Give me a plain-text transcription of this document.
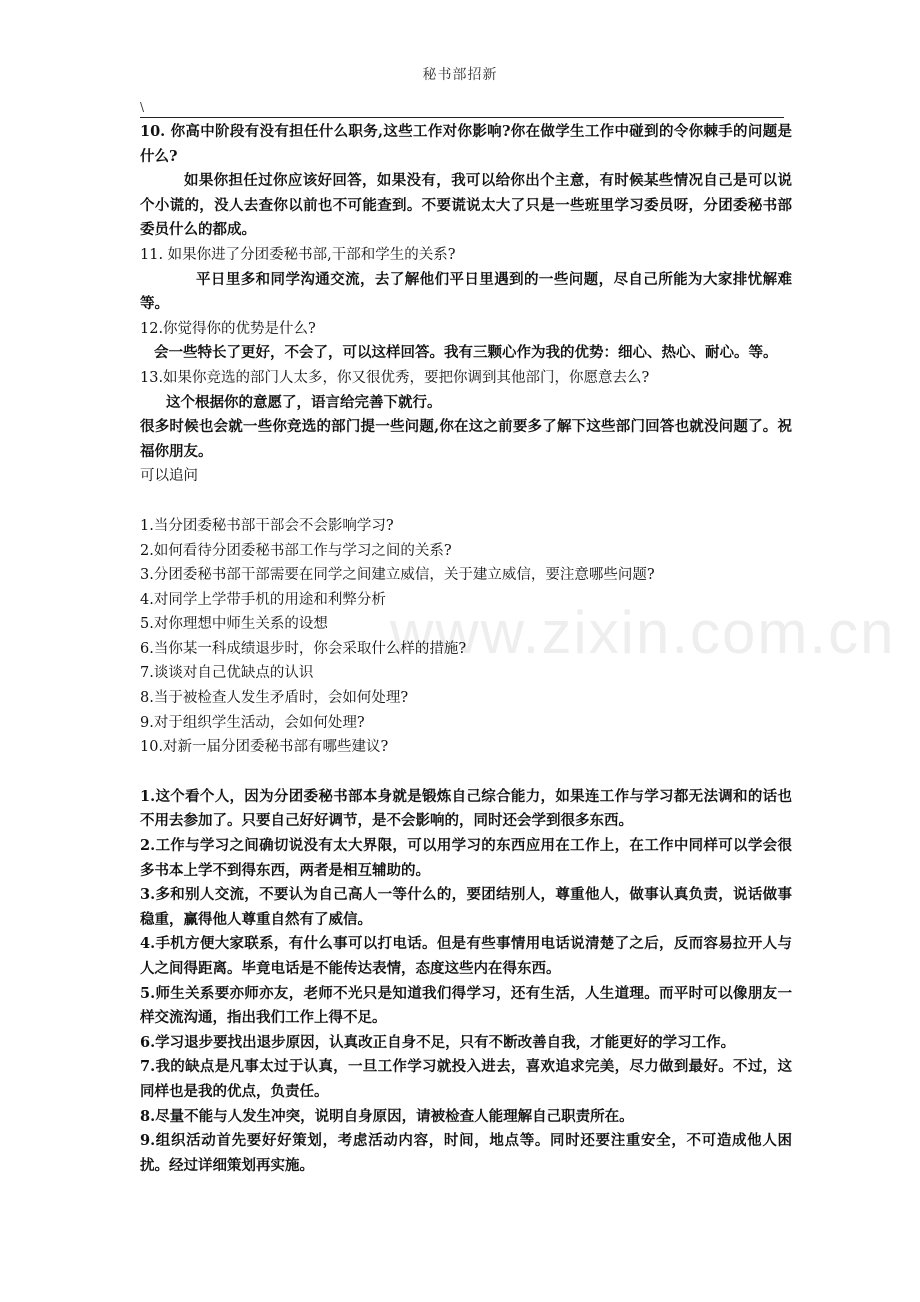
秘书部招新
\
www.zixin.com.cn

10. 你高中阶段有没有担任什么职务,这些工作对你影响?你在做学生工作中碰到的令你棘手的问题是什么?

如果你担任过你应该好回答，如果没有，我可以给你出个主意，有时候某些情况自己是可以说个小谎的，没人去查你以前也不可能查到。不要谎说太大了只是一些班里学习委员呀，分团委秘书部委员什么的都成。

11. 如果你进了分团委秘书部,干部和学生的关系?

平日里多和同学沟通交流，去了解他们平日里遇到的一些问题，尽自己所能为大家排忧解难等。

12.你觉得你的优势是什么?

会一些特长了更好，不会了，可以这样回答。我有三颗心作为我的优势：细心、热心、耐心。等。

13.如果你竞选的部门人太多，你又很优秀，要把你调到其他部门，你愿意去么?

这个根据你的意愿了，语言给完善下就行。

很多时候也会就一些你竞选的部门提一些问题,你在这之前要多了解下这些部门回答也就没问题了。祝福你朋友。

可以追问

1.当分团委秘书部干部会不会影响学习?

2.如何看待分团委秘书部工作与学习之间的关系?

3.分团委秘书部干部需要在同学之间建立威信，关于建立威信，要注意哪些问题?

4.对同学上学带手机的用途和利弊分析

5.对你理想中师生关系的设想

6.当你某一科成绩退步时，你会采取什么样的措施?

7.谈谈对自己优缺点的认识

8.当于被检查人发生矛盾时，会如何处理?

9.对于组织学生活动，会如何处理?

10.对新一届分团委秘书部有哪些建议?

1.这个看个人，因为分团委秘书部本身就是锻炼自己综合能力，如果连工作与学习都无法调和的话也不用去参加了。只要自己好好调节，是不会影响的，同时还会学到很多东西。

2.工作与学习之间确切说没有太大界限，可以用学习的东西应用在工作上，在工作中同样可以学会很多书本上学不到得东西，两者是相互辅助的。

3.多和别人交流，不要认为自己高人一等什么的，要团结别人，尊重他人，做事认真负责，说话做事稳重，赢得他人尊重自然有了威信。

4.手机方便大家联系，有什么事可以打电话。但是有些事情用电话说清楚了之后，反而容易拉开人与人之间得距离。毕竟电话是不能传达表情，态度这些内在得东西。

5.师生关系要亦师亦友，老师不光只是知道我们得学习，还有生活，人生道理。而平时可以像朋友一样交流沟通，指出我们工作上得不足。

6.学习退步要找出退步原因，认真改正自身不足，只有不断改善自我，才能更好的学习工作。

7.我的缺点是凡事太过于认真，一旦工作学习就投入进去，喜欢追求完美，尽力做到最好。不过，这同样也是我的优点，负责任。

8.尽量不能与人发生冲突，说明自身原因，请被检查人能理解自己职责所在。

9.组织活动首先要好好策划，考虑活动内容，时间，地点等。同时还要注重安全，不可造成他人困扰。经过详细策划再实施。
